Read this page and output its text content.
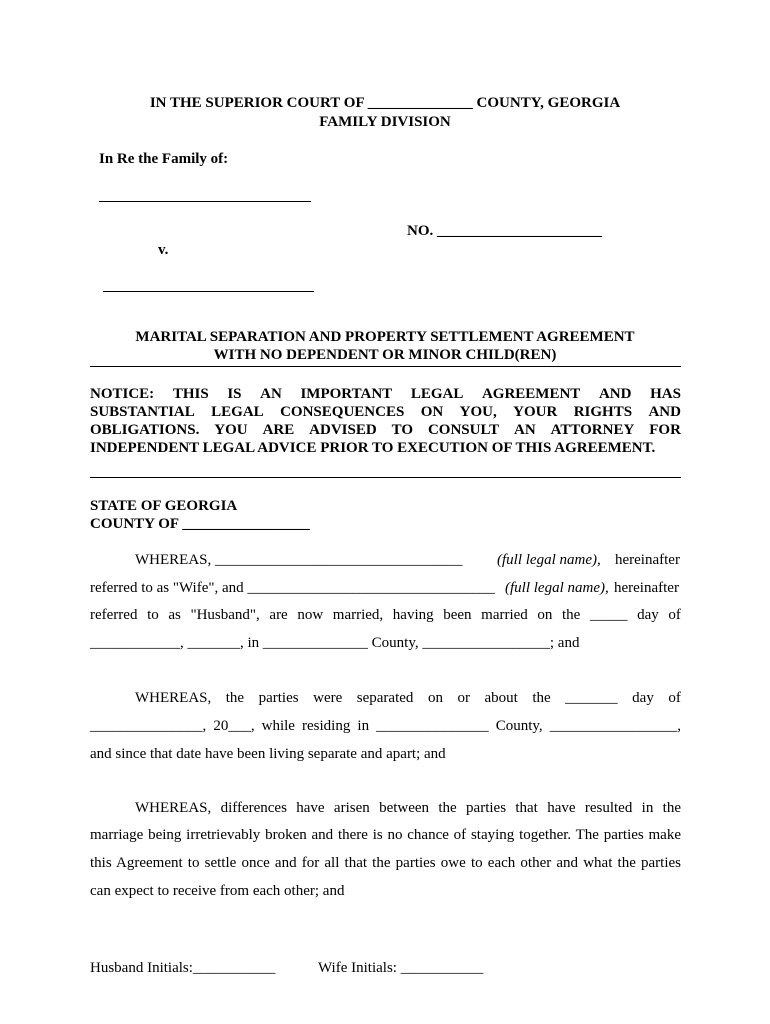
IN THE SUPERIOR COURT OF ______________ COUNTY, GEORGIA
FAMILY DIVISION
In Re the Family of:
NO. ______________________
v.
MARITAL SEPARATION AND PROPERTY SETTLEMENT AGREEMENT
WITH NO DEPENDENT OR MINOR CHILD(REN)
NOTICE: THIS IS AN IMPORTANT LEGAL AGREEMENT AND HAS
SUBSTANTIAL LEGAL CONSEQUENCES ON YOU, YOUR RIGHTS AND
OBLIGATIONS. YOU ARE ADVISED TO CONSULT AN ATTORNEY FOR
INDEPENDENT LEGAL ADVICE PRIOR TO EXECUTION OF THIS AGREEMENT.
STATE OF GEORGIA
COUNTY OF _________________
WHEREAS, _________________________________ (full legal name), hereinafter
referred to as "Wife", and _________________________________ (full legal name), hereinafter
referred to as "Husband", are now married, having been married on the _____ day of
____________, _______, in ______________ County, _________________; and
WHEREAS, the parties were separated on or about the _______ day of
_______________, 20___, while residing in _______________ County, _________________,
and since that date have been living separate and apart; and
WHEREAS, differences have arisen between the parties that have resulted in the
marriage being irretrievably broken and there is no chance of staying together. The parties make
this Agreement to settle once and for all that the parties owe to each other and what the parties
can expect to receive from each other; and
Husband Initials:___________	Wife Initials: ___________
